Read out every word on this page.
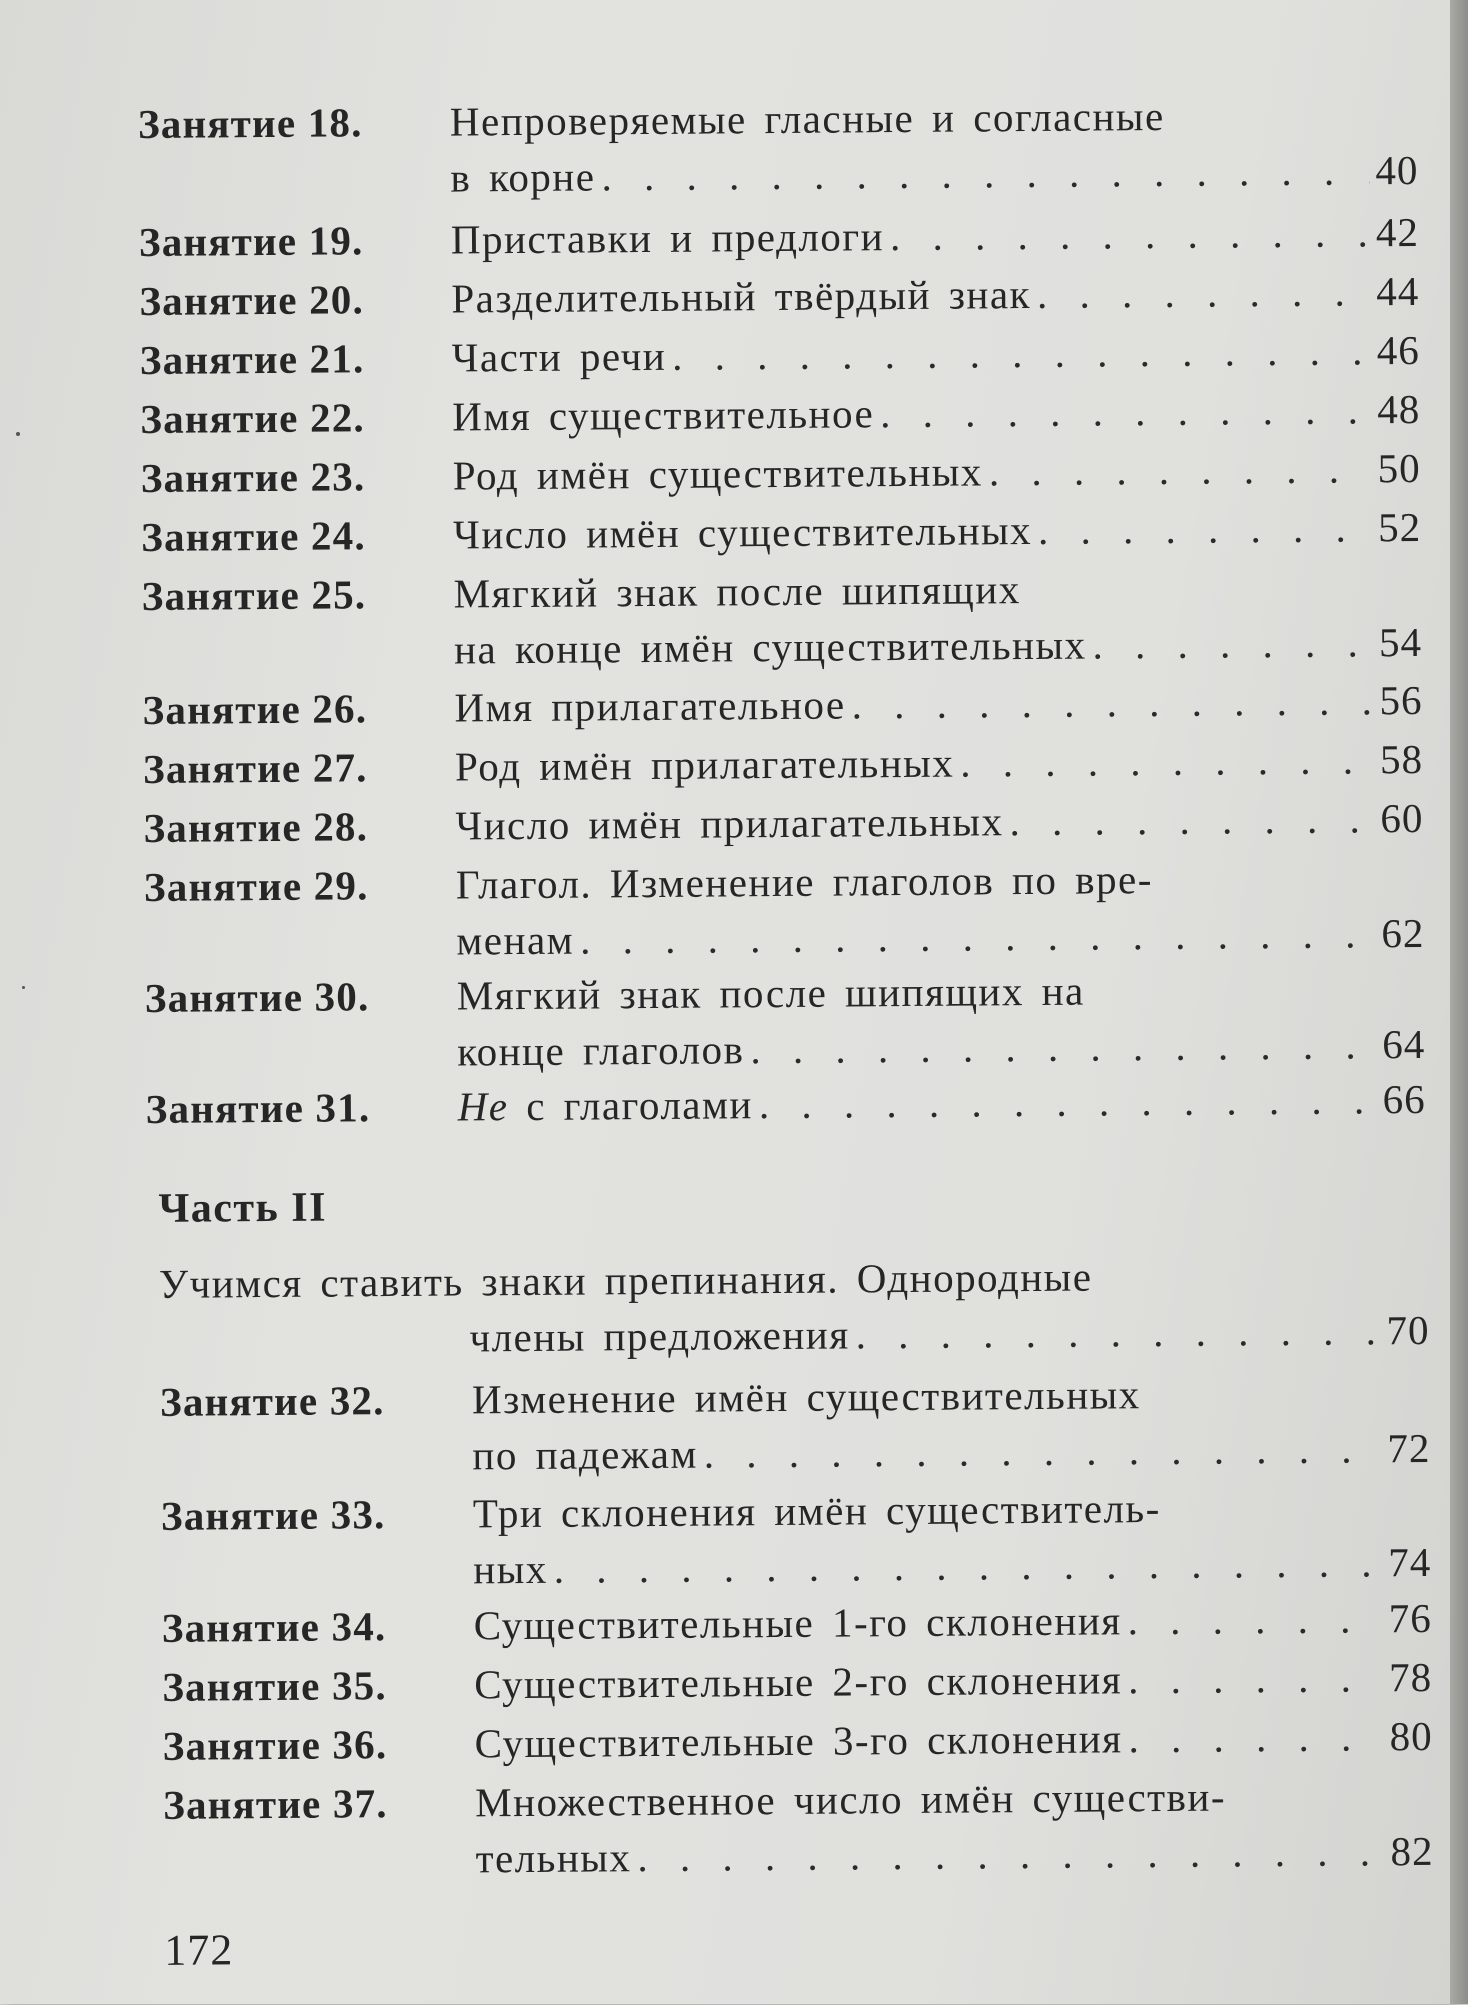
Занятие 18. Непроверяемые гласные и согласные
в корне . . .	40
Занятие 19. Приставки и предлоги . . .	42
Занятие 20. Разделительный твёрдый знак . . .	44
Занятие 21. Части речи . . .	46
Занятие 22. Имя существительное . . .	48
Занятие 23. Род имён существительных . . .	50
Занятие 24. Число имён существительных . . .	52
Занятие 25. Мягкий знак после шипящих
на конце имён существительных . . .	54
Занятие 26. Имя прилагательное . . .	56
Занятие 27. Род имён прилагательных . . .	58
Занятие 28. Число имён прилагательных . . .	60
Занятие 29. Глагол. Изменение глаголов по вре-
менам . . .	62
Занятие 30. Мягкий знак после шипящих на
конце глаголов . . .	64
Занятие 31. Не с глаголами . . .	66
Часть II
Учимся ставить знаки препинания. Однородные
члены предложения . . .	70
Занятие 32. Изменение имён существительных
по падежам . . .	72
Занятие 33. Три склонения имён существитель-
ных . . .	74
Занятие 34. Существительные 1-го склонения . . .	76
Занятие 35. Существительные 2-го склонения . . .	78
Занятие 36. Существительные 3-го склонения . . .	80
Занятие 37. Множественное число имён существи-
тельных . . .	82
172
